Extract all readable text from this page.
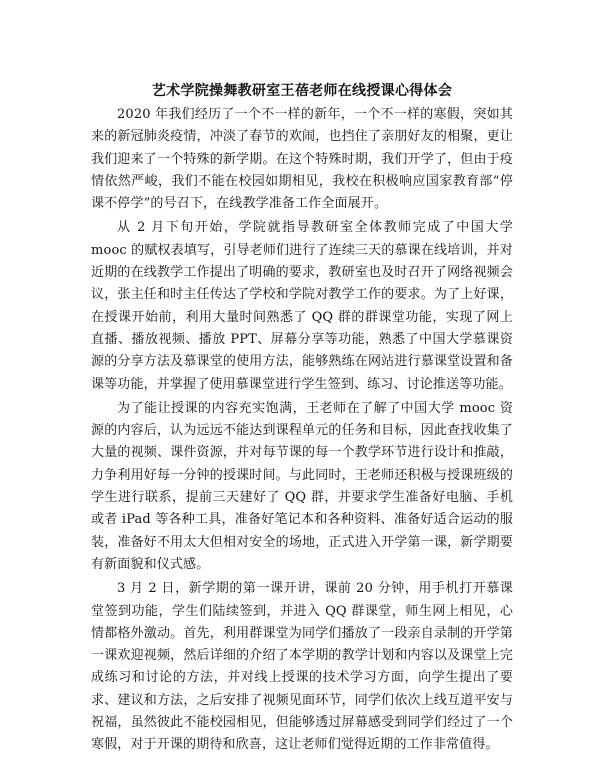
艺术学院操舞教研室王蓓老师在线授课心得体会

2020 年我们经历了一个不一样的新年，一个不一样的寒假，突如其来的新冠肺炎疫情，冲淡了春节的欢闹，也挡住了亲朋好友的相聚，更让我们迎来了一个特殊的新学期。在这个特殊时期，我们开学了，但由于疫情依然严峻，我们不能在校园如期相见，我校在积极响应国家教育部“停课不停学”的号召下，在线教学准备工作全面展开。

从 2 月下旬开始，学院就指导教研室全体教师完成了中国大学 mooc 的赋权表填写，引导老师们进行了连续三天的慕课在线培训，并对近期的在线教学工作提出了明确的要求，教研室也及时召开了网络视频会议，张主任和时主任传达了学校和学院对教学工作的要求。为了上好课，在授课开始前，利用大量时间熟悉了 QQ 群的群课堂功能，实现了网上直播、播放视频、播放 PPT、屏幕分享等功能，熟悉了中国大学慕课资源的分享方法及慕课堂的使用方法，能够熟练在网站进行慕课堂设置和备课等功能，并掌握了使用慕课堂进行学生签到、练习、讨论推送等功能。

为了能让授课的内容充实饱满，王老师在了解了中国大学 mooc 资源的内容后，认为远远不能达到课程单元的任务和目标，因此查找收集了大量的视频、课件资源，并对每节课的每一个教学环节进行设计和推敲，力争利用好每一分钟的授课时间。与此同时，王老师还积极与授课班级的学生进行联系，提前三天建好了 QQ 群，并要求学生准备好电脑、手机或者 iPad 等各种工具，准备好笔记本和各种资料、准备好适合运动的服装，准备好不用太大但相对安全的场地，正式进入开学第一课，新学期要有新面貌和仪式感。

3 月 2 日，新学期的第一课开讲，课前 20 分钟，用手机打开慕课堂签到功能，学生们陆续签到，并进入 QQ 群课堂，师生网上相见，心情都格外激动。首先，利用群课堂为同学们播放了一段亲自录制的开学第一课欢迎视频，然后详细的介绍了本学期的教学计划和内容以及课堂上完成练习和讨论的方法，并对线上授课的技术学习方面，向学生提出了要求、建议和方法，之后安排了视频见面环节，同学们依次上线互道平安与祝福，虽然彼此不能校园相见，但能够透过屏幕感受到同学们经过了一个寒假，对于开课的期待和欣喜，这让老师们觉得近期的工作非常值得。
